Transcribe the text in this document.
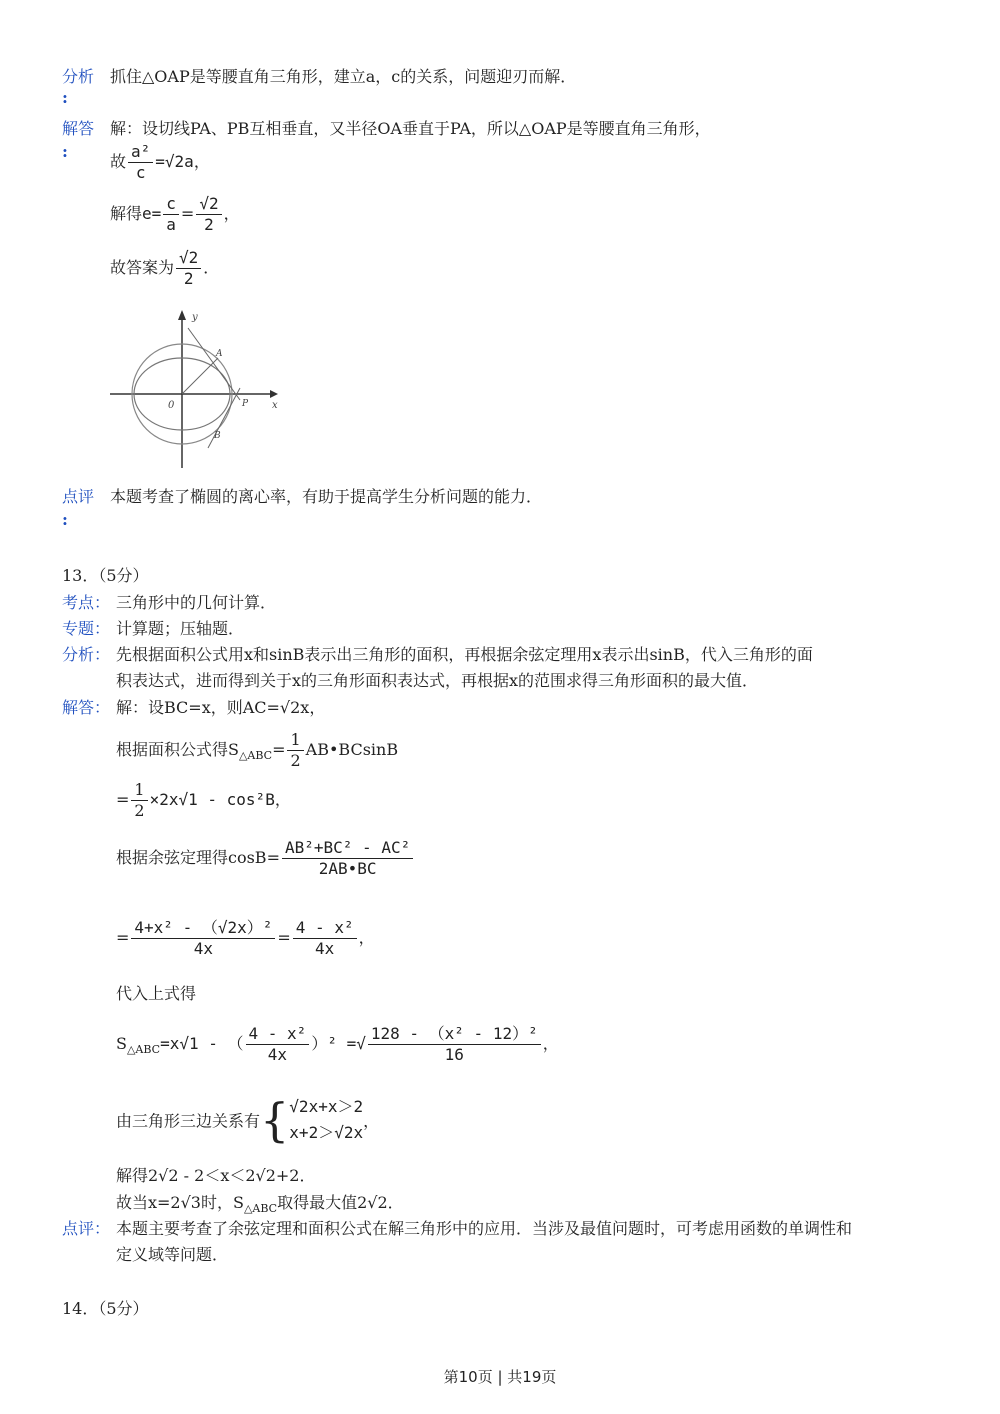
分析
:
抓住△OAP是等腰直角三角形，建立a，c的关系，问题迎刃而解．
解答
:
解：设切线PA、PB互相垂直，又半径OA垂直于PA，所以△OAP是等腰直角三角形，
故 $\frac{\text{a²}}{c} =√2a$，
解得$e= \frac{c}{a} = \frac{√2}{2}$ ，
故答案为 $\frac{√2}{2}$ ．
y
x
0
A
P
B
点评
:
本题考查了椭圆的离心率，有助于提高学生分析问题的能力．
13．（5分）
考点： 三角形中的几何计算．
专题： 计算题；压轴题．
分析： 先根据面积公式用x和sinB表示出三角形的面积，再根据余弦定理用x表示出sinB，代入三角形的面
积表达式，进而得到关于x的三角形面积表达式，再根据x的范围求得三角形面积的最大值．
解答： 解：设BC=x，则AC=√2x，
根据面积公式得$S_{\triangle ABC}= \frac{1}{2}$ AB•BCsinB
= $\frac{1}{2} \times 2x√1 - \cos^2B$，
根据余弦定理得$\cos B= \frac{\text{AB²+BC² - AC²}}{2AB•BC}$
= $\frac{\text{4+x² - （√2x）²}}{4x} = \frac{\text{4 - x²}}{4x}$ ，
代入上式得
$S_{\triangle ABC}=x√1$ - （ $\frac{\text{4 - x²}}{4x} )^2$ =√ $\frac{\text{128 - （x² - 12）²}}{16}$ ，
由三角形三边关系有{ √2x+x＞2
x+2＞√2x
，
解得2√2 - 2＜x＜2√2+2．
故当x=2√3时，$S_{\triangle ABC}$取得最大值2√2．
点评： 本题主要考查了余弦定理和面积公式在解三角形中的应用．当涉及最值问题时，可考虑用函数的单调性和
定义域等问题．
14．（5分）
第10页 | 共19页
